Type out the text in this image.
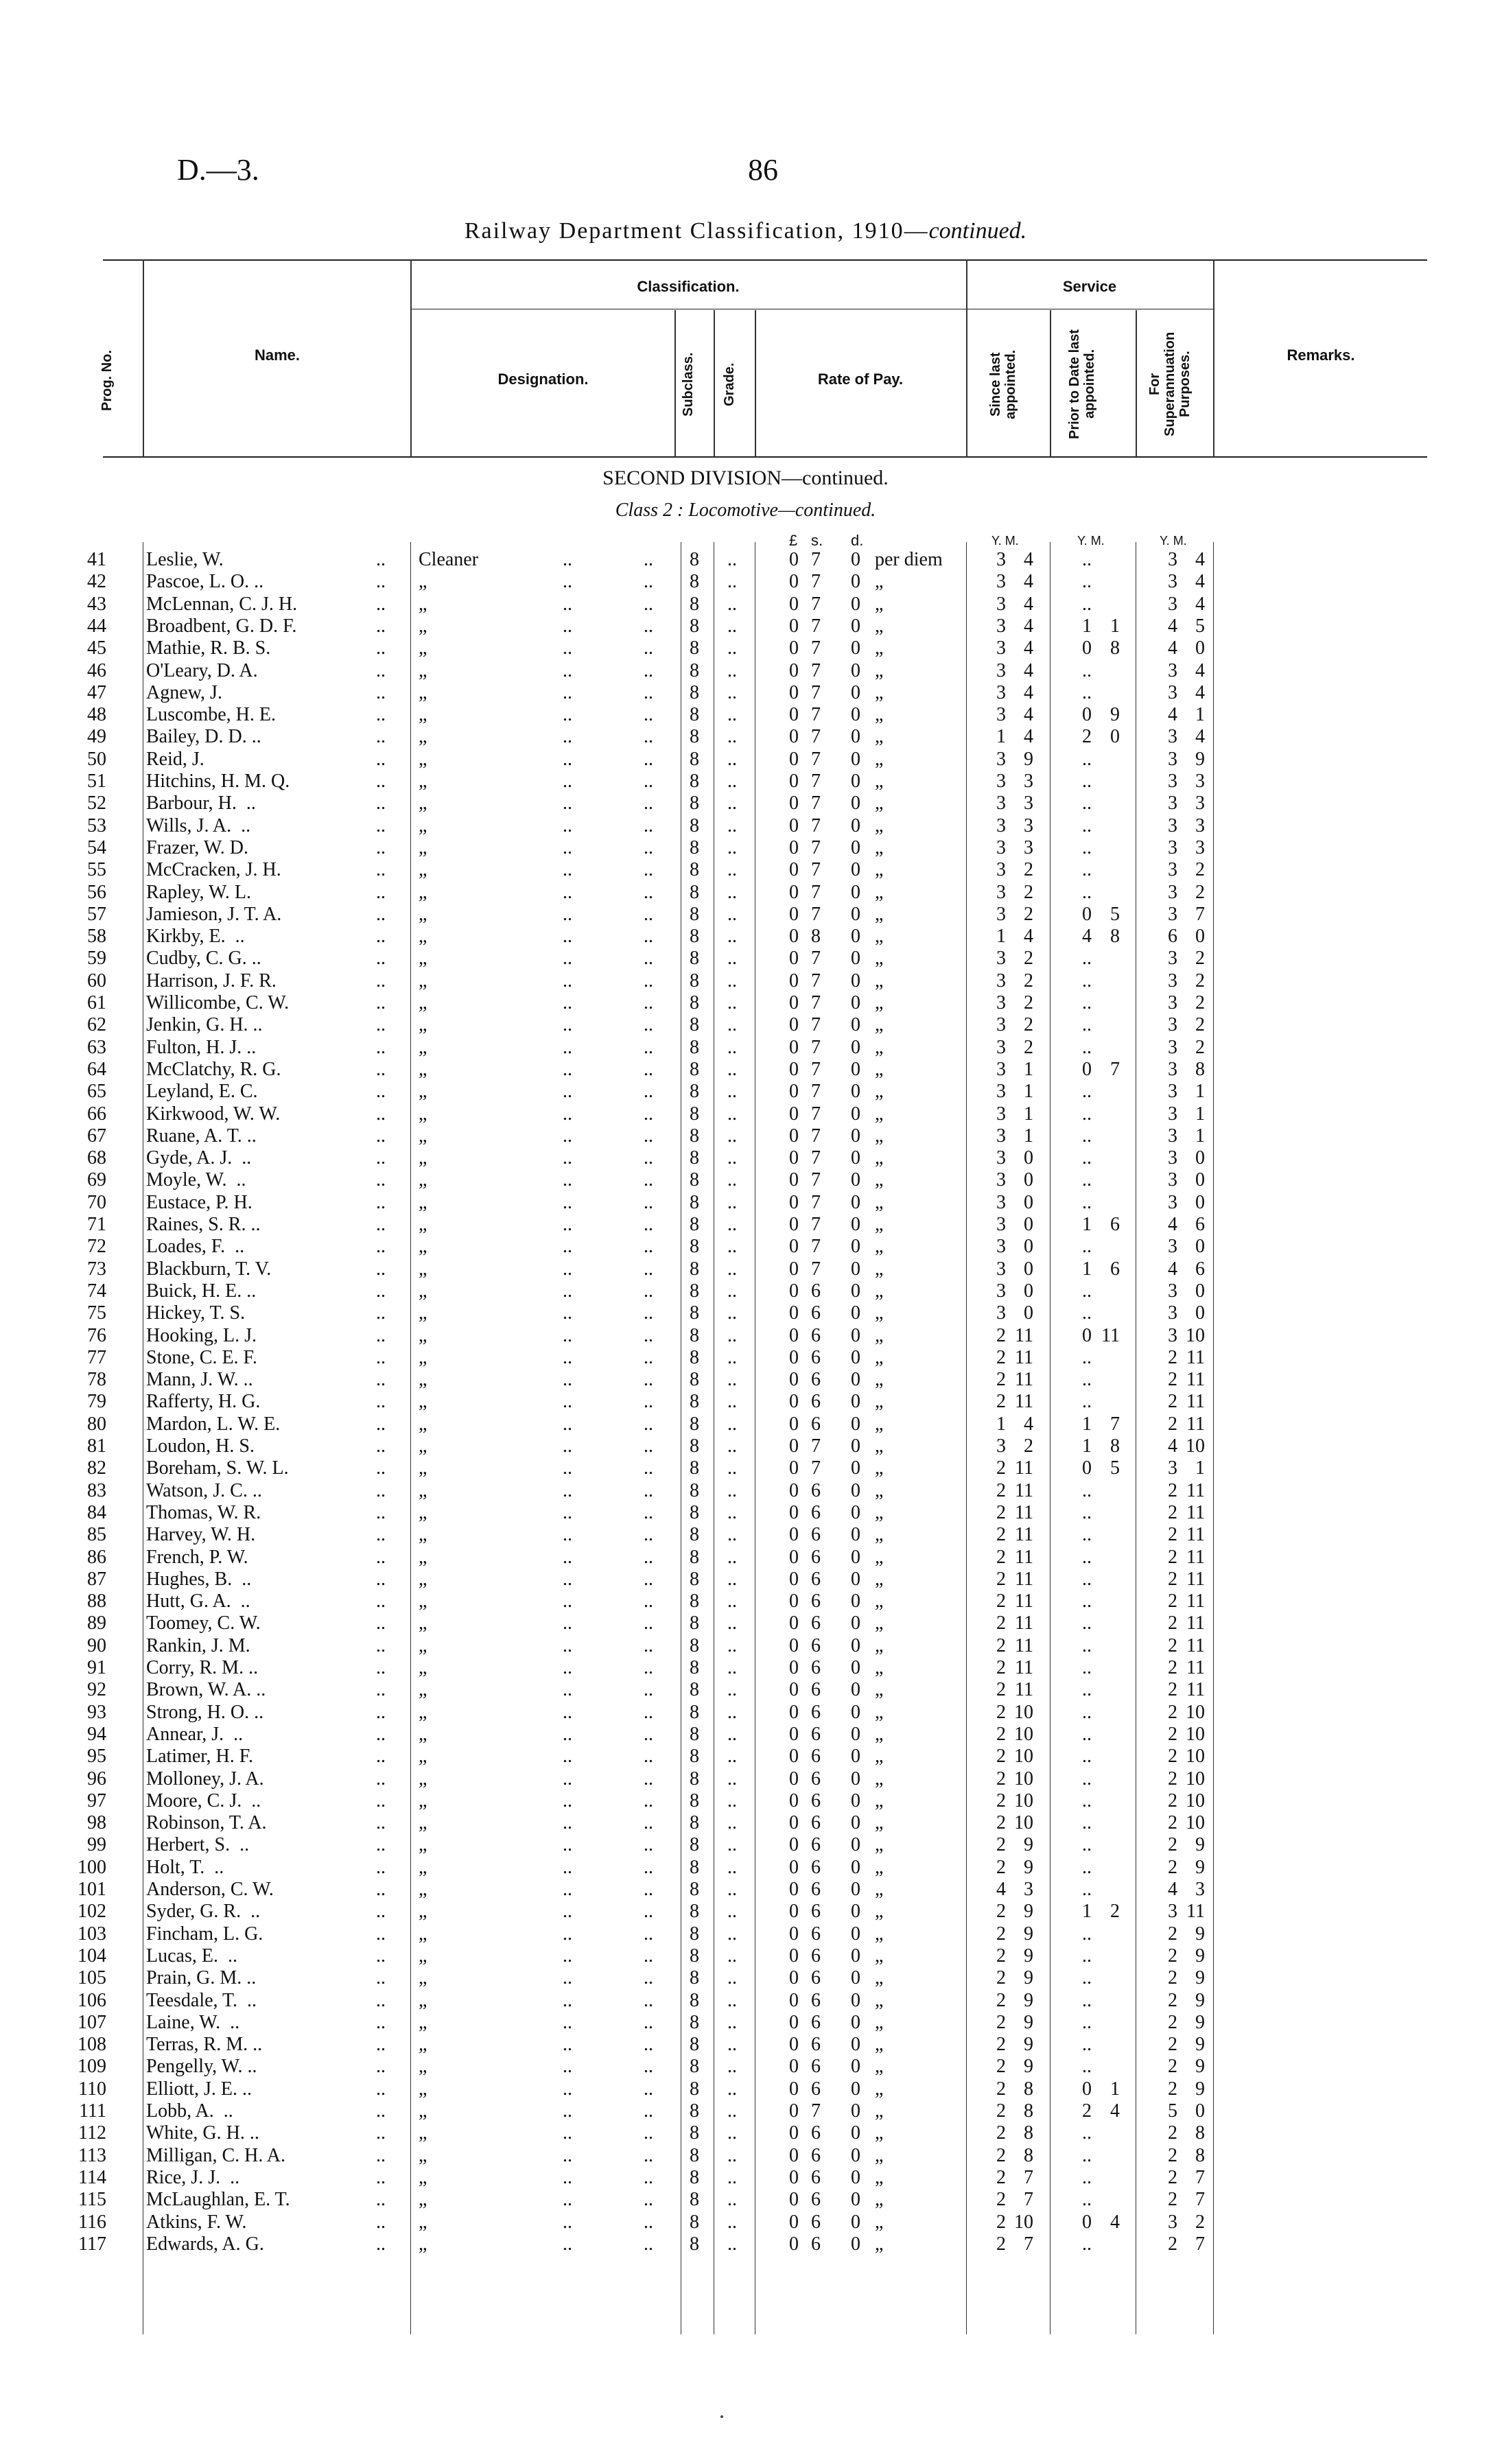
D.—3.	86
Railway Department Classification, 1910—continued.
Prog. No.	Name.
Classification.
Designation.	Subclass.	Grade.	Rate of Pay.
Service
Since last appointed.	Prior to Date last appointed.	For Superannuation Purposes.	Remarks.
SECOND DIVISION—continued.
Class 2 : Locomotive—continued.
£ s. d.	Y. M.	Y. M.	Y. M.
41 Leslie, W.	.. Cleaner	..	.. 8 ..	0 7 0 per diem	3 4	..	3 4
42 Pascoe, L. O. ..	.. „	..	.. 8 ..	0 7 0 „	3 4	..	3 4
43 McLennan, C. J. H.	.. „	..	.. 8 ..	0 7 0 „	3 4	..	3 4
44 Broadbent, G. D. F.	.. „	..	.. 8 ..	0 7 0 „	3 4	1 1	4 5
45 Mathie, R. B. S.	.. „	..	.. 8 ..	0 7 0 „	3 4	0 8	4 0
46 O'Leary, D. A.	.. „	..	.. 8 ..	0 7 0 „	3 4	..	3 4
47 Agnew, J.	.. „	..	.. 8 ..	0 7 0 „	3 4	..	3 4
48 Luscombe, H. E.	.. „	..	.. 8 ..	0 7 0 „	3 4	0 9	4 1
49 Bailey, D. D. ..	.. „	..	.. 8 ..	0 7 0 „	1 4	2 0	3 4
50 Reid, J.	.. „	..	.. 8 ..	0 7 0 „	3 9	..	3 9
51 Hitchins, H. M. Q.	.. „	..	.. 8 ..	0 7 0 „	3 3	..	3 3
52 Barbour, H.  ..	.. „	..	.. 8 ..	0 7 0 „	3 3	..	3 3
53 Wills, J. A.  ..	.. „	..	.. 8 ..	0 7 0 „	3 3	..	3 3
54 Frazer, W. D.	.. „	..	.. 8 ..	0 7 0 „	3 3	..	3 3
55 McCracken, J. H.	.. „	..	.. 8 ..	0 7 0 „	3 2	..	3 2
56 Rapley, W. L.	.. „	..	.. 8 ..	0 7 0 „	3 2	..	3 2
57 Jamieson, J. T. A.	.. „	..	.. 8 ..	0 7 0 „	3 2	0 5	3 7
58 Kirkby, E.  ..	.. „	..	.. 8 ..	0 8 0 „	1 4	4 8	6 0
59 Cudby, C. G. ..	.. „	..	.. 8 ..	0 7 0 „	3 2	..	3 2
60 Harrison, J. F. R.	.. „	..	.. 8 ..	0 7 0 „	3 2	..	3 2
61 Willicombe, C. W.	.. „	..	.. 8 ..	0 7 0 „	3 2	..	3 2
62 Jenkin, G. H. ..	.. „	..	.. 8 ..	0 7 0 „	3 2	..	3 2
63 Fulton, H. J. ..	.. „	..	.. 8 ..	0 7 0 „	3 2	..	3 2
64 McClatchy, R. G.	.. „	..	.. 8 ..	0 7 0 „	3 1	0 7	3 8
65 Leyland, E. C.	.. „	..	.. 8 ..	0 7 0 „	3 1	..	3 1
66 Kirkwood, W. W.	.. „	..	.. 8 ..	0 7 0 „	3 1	..	3 1
67 Ruane, A. T. ..	.. „	..	.. 8 ..	0 7 0 „	3 1	..	3 1
68 Gyde, A. J.  ..	.. „	..	.. 8 ..	0 7 0 „	3 0	..	3 0
69 Moyle, W.  ..	.. „	..	.. 8 ..	0 7 0 „	3 0	..	3 0
70 Eustace, P. H.	.. „	..	.. 8 ..	0 7 0 „	3 0	..	3 0
71 Raines, S. R. ..	.. „	..	.. 8 ..	0 7 0 „	3 0	1 6	4 6
72 Loades, F.  ..	.. „	..	.. 8 ..	0 7 0 „	3 0	..	3 0
73 Blackburn, T. V.	.. „	..	.. 8 ..	0 7 0 „	3 0	1 6	4 6
74 Buick, H. E. ..	.. „	..	.. 8 ..	0 6 0 „	3 0	..	3 0
75 Hickey, T. S.	.. „	..	.. 8 ..	0 6 0 „	3 0	..	3 0
76 Hooking, L. J.	.. „	..	.. 8 ..	0 6 0 „	2 11	0 11	3 10
77 Stone, C. E. F.	.. „	..	.. 8 ..	0 6 0 „	2 11	..	2 11
78 Mann, J. W. ..	.. „	..	.. 8 ..	0 6 0 „	2 11	..	2 11
79 Rafferty, H. G.	.. „	..	.. 8 ..	0 6 0 „	2 11	..	2 11
80 Mardon, L. W. E.	.. „	..	.. 8 ..	0 6 0 „	1 4	1 7	2 11
81 Loudon, H. S.	.. „	..	.. 8 ..	0 7 0 „	3 2	1 8	4 10
82 Boreham, S. W. L.	.. „	..	.. 8 ..	0 7 0 „	2 11	0 5	3 1
83 Watson, J. C. ..	.. „	..	.. 8 ..	0 6 0 „	2 11	..	2 11
84 Thomas, W. R.	.. „	..	.. 8 ..	0 6 0 „	2 11	..	2 11
85 Harvey, W. H.	.. „	..	.. 8 ..	0 6 0 „	2 11	..	2 11
86 French, P. W.	.. „	..	.. 8 ..	0 6 0 „	2 11	..	2 11
87 Hughes, B.  ..	.. „	..	.. 8 ..	0 6 0 „	2 11	..	2 11
88 Hutt, G. A.  ..	.. „	..	.. 8 ..	0 6 0 „	2 11	..	2 11
89 Toomey, C. W.	.. „	..	.. 8 ..	0 6 0 „	2 11	..	2 11
90 Rankin, J. M.	.. „	..	.. 8 ..	0 6 0 „	2 11	..	2 11
91 Corry, R. M. ..	.. „	..	.. 8 ..	0 6 0 „	2 11	..	2 11
92 Brown, W. A. ..	.. „	..	.. 8 ..	0 6 0 „	2 11	..	2 11
93 Strong, H. O. ..	.. „	..	.. 8 ..	0 6 0 „	2 10	..	2 10
94 Annear, J.  ..	.. „	..	.. 8 ..	0 6 0 „	2 10	..	2 10
95 Latimer, H. F.	.. „	..	.. 8 ..	0 6 0 „	2 10	..	2 10
96 Molloney, J. A.	.. „	..	.. 8 ..	0 6 0 „	2 10	..	2 10
97 Moore, C. J.  ..	.. „	..	.. 8 ..	0 6 0 „	2 10	..	2 10
98 Robinson, T. A.	.. „	..	.. 8 ..	0 6 0 „	2 10	..	2 10
99 Herbert, S.  ..	.. „	..	.. 8 ..	0 6 0 „	2 9	..	2 9
100 Holt, T.  ..	.. „	..	.. 8 ..	0 6 0 „	2 9	..	2 9
101 Anderson, C. W.	.. „	..	.. 8 ..	0 6 0 „	4 3	..	4 3
102 Syder, G. R.  ..	.. „	..	.. 8 ..	0 6 0 „	2 9	1 2	3 11
103 Fincham, L. G.	.. „	..	.. 8 ..	0 6 0 „	2 9	..	2 9
104 Lucas, E.  ..	.. „	..	.. 8 ..	0 6 0 „	2 9	..	2 9
105 Prain, G. M. ..	.. „	..	.. 8 ..	0 6 0 „	2 9	..	2 9
106 Teesdale, T.  ..	.. „	..	.. 8 ..	0 6 0 „	2 9	..	2 9
107 Laine, W.  ..	.. „	..	.. 8 ..	0 6 0 „	2 9	..	2 9
108 Terras, R. M. ..	.. „	..	.. 8 ..	0 6 0 „	2 9	..	2 9
109 Pengelly, W. ..	.. „	..	.. 8 ..	0 6 0 „	2 9	..	2 9
110 Elliott, J. E. ..	.. „	..	.. 8 ..	0 6 0 „	2 8	0 1	2 9
111 Lobb, A.  ..	.. „	..	.. 8 ..	0 7 0 „	2 8	2 4	5 0
112 White, G. H. ..	.. „	..	.. 8 ..	0 6 0 „	2 8	..	2 8
113 Milligan, C. H. A.	.. „	..	.. 8 ..	0 6 0 „	2 8	..	2 8
114 Rice, J. J.  ..	.. „	..	.. 8 ..	0 6 0 „	2 7	..	2 7
115 McLaughlan, E. T.	.. „	..	.. 8 ..	0 6 0 „	2 7	..	2 7
116 Atkins, F. W.	.. „	..	.. 8 ..	0 6 0 „	2 10	0 4	3 2
117 Edwards, A. G.	.. „	..	.. 8 ..	0 6 0 „	2 7	..	2 7
